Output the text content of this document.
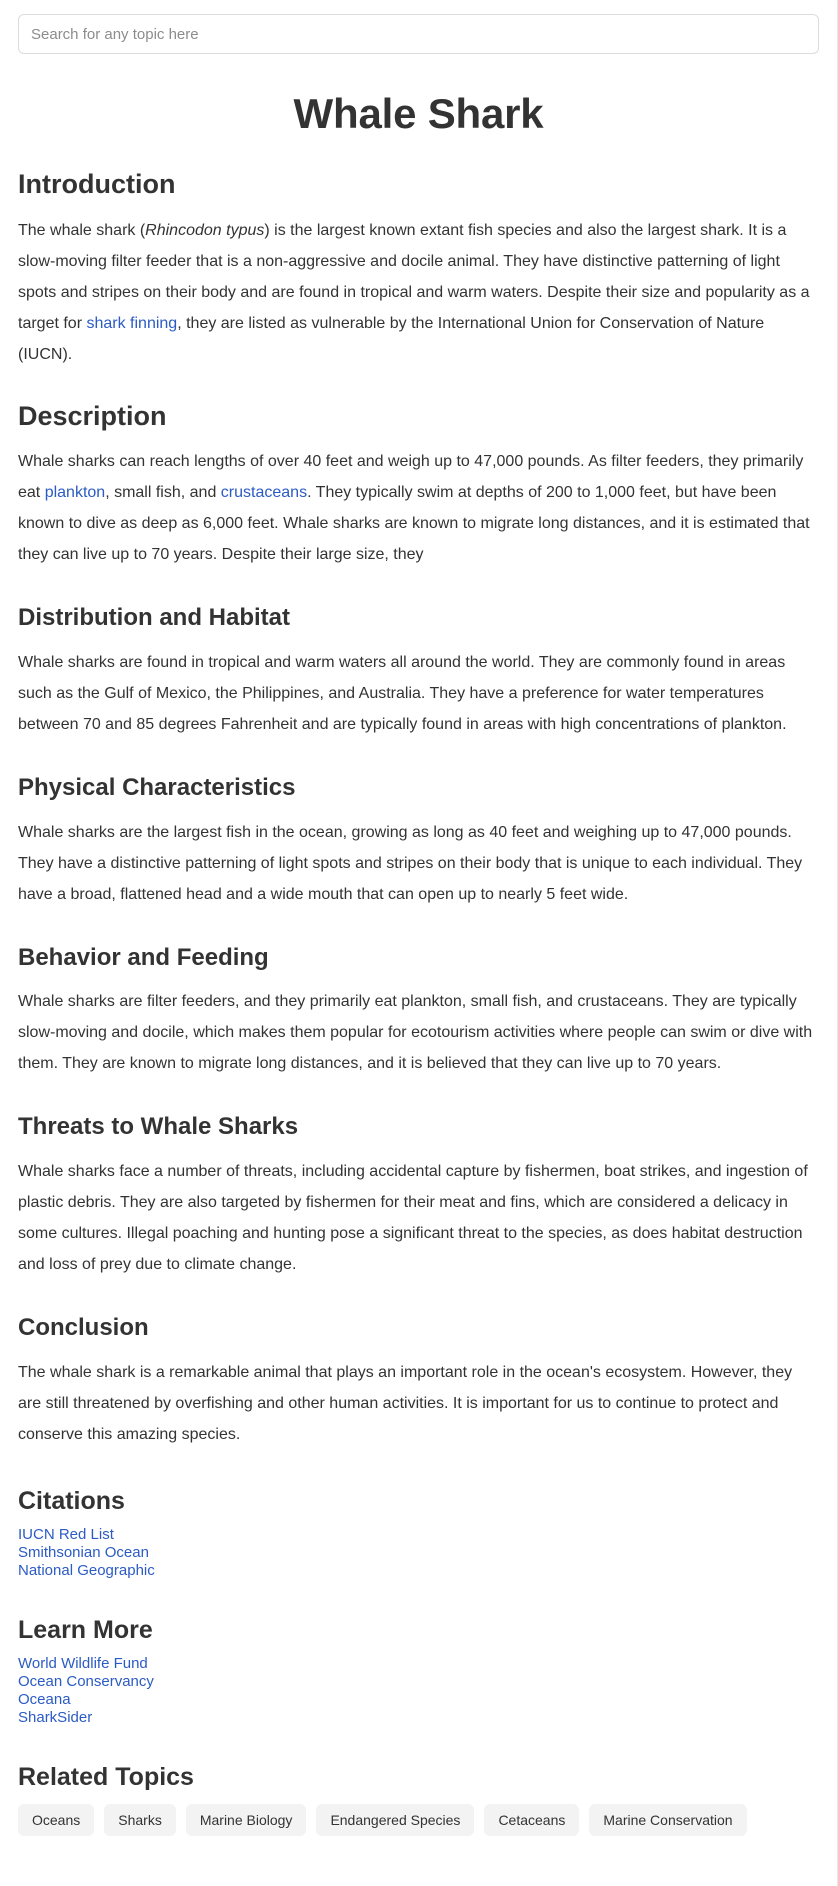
Search for any topic here
Whale Shark
Introduction

The whale shark (Rhincodon typus) is the largest known extant fish species and also the largest shark. It is a slow-moving filter feeder that is a non-aggressive and docile animal. They have distinctive patterning of light spots and stripes on their body and are found in tropical and warm waters. Despite their size and popularity as a target for shark finning, they are listed as vulnerable by the International Union for Conservation of Nature (IUCN).

Description

Whale sharks can reach lengths of over 40 feet and weigh up to 47,000 pounds. As filter feeders, they primarily eat plankton, small fish, and crustaceans. They typically swim at depths of 200 to 1,000 feet, but have been known to dive as deep as 6,000 feet. Whale sharks are known to migrate long distances, and it is estimated that they can live up to 70 years. Despite their large size, they

Distribution and Habitat

Whale sharks are found in tropical and warm waters all around the world. They are commonly found in areas such as the Gulf of Mexico, the Philippines, and Australia. They have a preference for water temperatures between 70 and 85 degrees Fahrenheit and are typically found in areas with high concentrations of plankton.

Physical Characteristics

Whale sharks are the largest fish in the ocean, growing as long as 40 feet and weighing up to 47,000 pounds. They have a distinctive patterning of light spots and stripes on their body that is unique to each individual. They have a broad, flattened head and a wide mouth that can open up to nearly 5 feet wide.

Behavior and Feeding

Whale sharks are filter feeders, and they primarily eat plankton, small fish, and crustaceans. They are typically slow-moving and docile, which makes them popular for ecotourism activities where people can swim or dive with them. They are known to migrate long distances, and it is believed that they can live up to 70 years.

Threats to Whale Sharks

Whale sharks face a number of threats, including accidental capture by fishermen, boat strikes, and ingestion of plastic debris. They are also targeted by fishermen for their meat and fins, which are considered a delicacy in some cultures. Illegal poaching and hunting pose a significant threat to the species, as does habitat destruction and loss of prey due to climate change.

Conclusion

The whale shark is a remarkable animal that plays an important role in the ocean's ecosystem. However, they are still threatened by overfishing and other human activities. It is important for us to continue to protect and conserve this amazing species.

Citations
IUCN Red List
Smithsonian Ocean
National Geographic
Learn More
World Wildlife Fund
Ocean Conservancy
Oceana
SharkSider
Related Topics
Oceans	Sharks	Marine Biology	Endangered Species	Cetaceans	Marine Conservation
